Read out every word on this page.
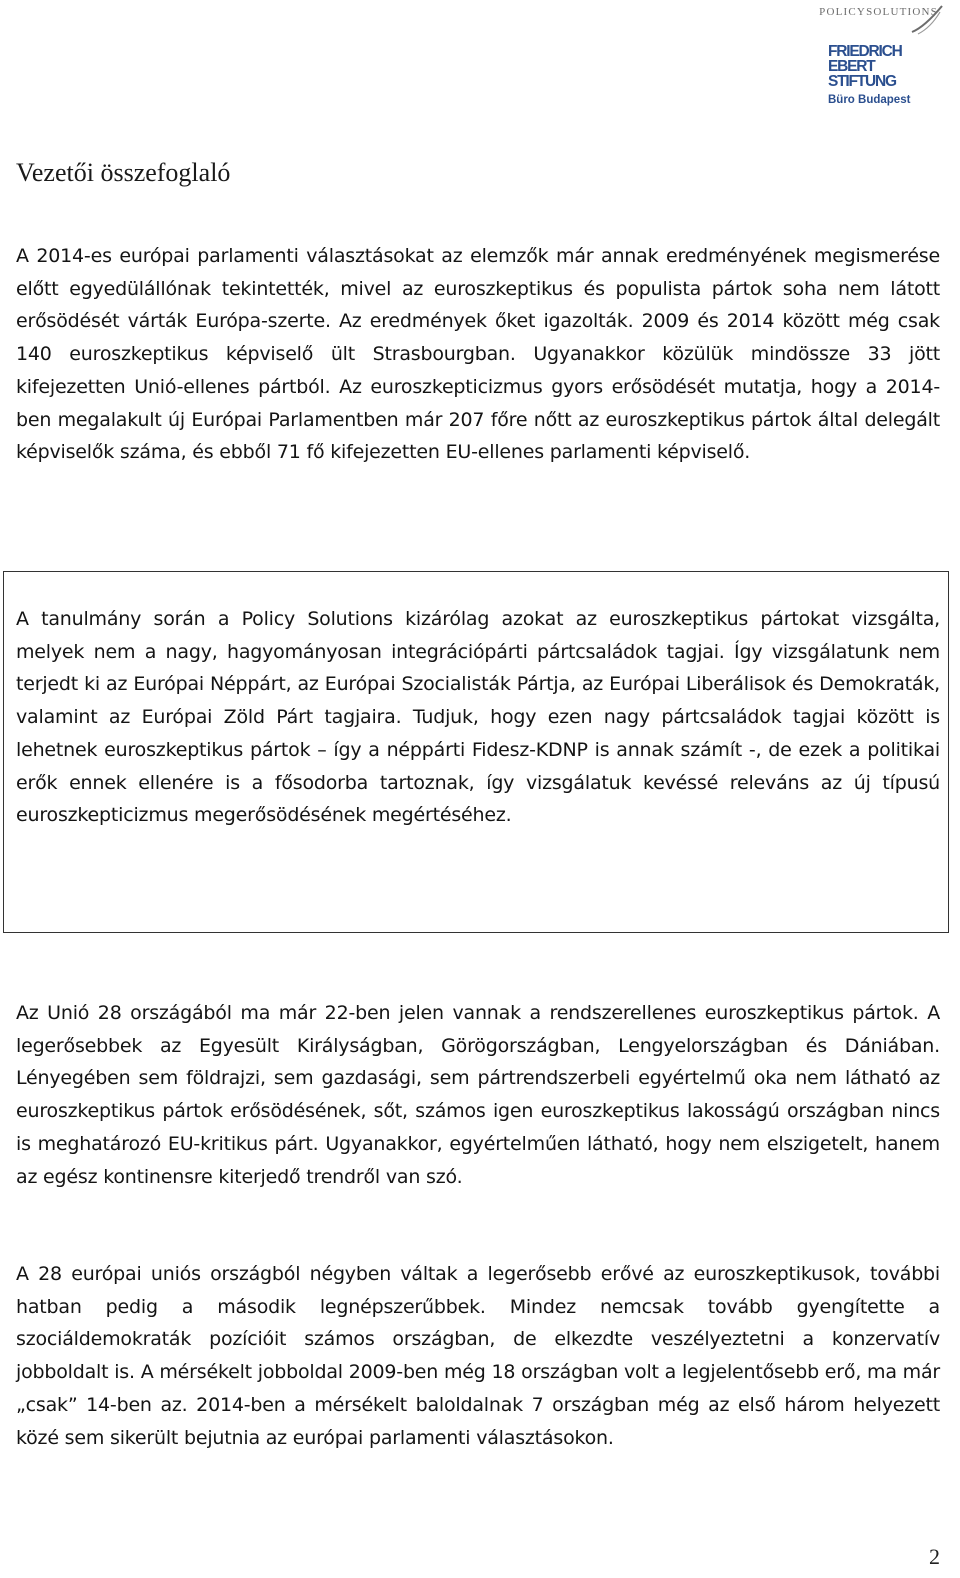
POLICYSOLUTIONS
FRIEDRICH
EBERT
STIFTUNG
Büro Budapest
Vezetői összefoglaló

A 2014-es európai parlamenti választásokat az elemzők már annak eredményének megismerése előtt egyedülállónak tekintették, mivel az euroszkeptikus és populista pártok soha nem látott erősödését várták Európa-szerte. Az eredmények őket igazolták. 2009 és 2014 között még csak 140 euroszkeptikus képviselő ült Strasbourgban. Ugyanakkor közülük mindössze 33 jött kifejezetten Unió-ellenes pártból. Az euroszkepticizmus gyors erősödését mutatja, hogy a 2014-ben megalakult új Európai Parlamentben már 207 főre nőtt az euroszkeptikus pártok által delegált képviselők száma, és ebből 71 fő kifejezetten EU-ellenes parlamenti képviselő.

A tanulmány során a Policy Solutions kizárólag azokat az euroszkeptikus pártokat vizsgálta, melyek nem a nagy, hagyományosan integrációpárti pártcsaládok tagjai. Így vizsgálatunk nem terjedt ki az Európai Néppárt, az Európai Szocialisták Pártja, az Európai Liberálisok és Demokraták, valamint az Európai Zöld Párt tagjaira. Tudjuk, hogy ezen nagy pártcsaládok tagjai között is lehetnek euroszkeptikus pártok – így a néppárti Fidesz-KDNP is annak számít -, de ezek a politikai erők ennek ellenére is a fősodorba tartoznak, így vizsgálatuk kevéssé releváns az új típusú euroszkepticizmus megerősödésének megértéséhez.

Az Unió 28 országából ma már 22-ben jelen vannak a rendszerellenes euroszkeptikus pártok. A legerősebbek az Egyesült Királyságban, Görögországban, Lengyelországban és Dániában. Lényegében sem földrajzi, sem gazdasági, sem pártrendszerbeli egyértelmű oka nem látható az euroszkeptikus pártok erősödésének, sőt, számos igen euroszkeptikus lakosságú országban nincs is meghatározó EU-kritikus párt. Ugyanakkor, egyértelműen látható, hogy nem elszigetelt, hanem az egész kontinensre kiterjedő trendről van szó.

A 28 európai uniós országból négyben váltak a legerősebb erővé az euroszkeptikusok, további hatban pedig a második legnépszerűbbek. Mindez nemcsak tovább gyengítette a szociáldemokraták pozícióit számos országban, de elkezdte veszélyeztetni a konzervatív jobboldalt is. A mérsékelt jobboldal 2009-ben még 18 országban volt a legjelentősebb erő, ma már „csak” 14-ben az. 2014-ben a mérsékelt baloldalnak 7 országban még az első három helyezett közé sem sikerült bejutnia az európai parlamenti választásokon.

2
